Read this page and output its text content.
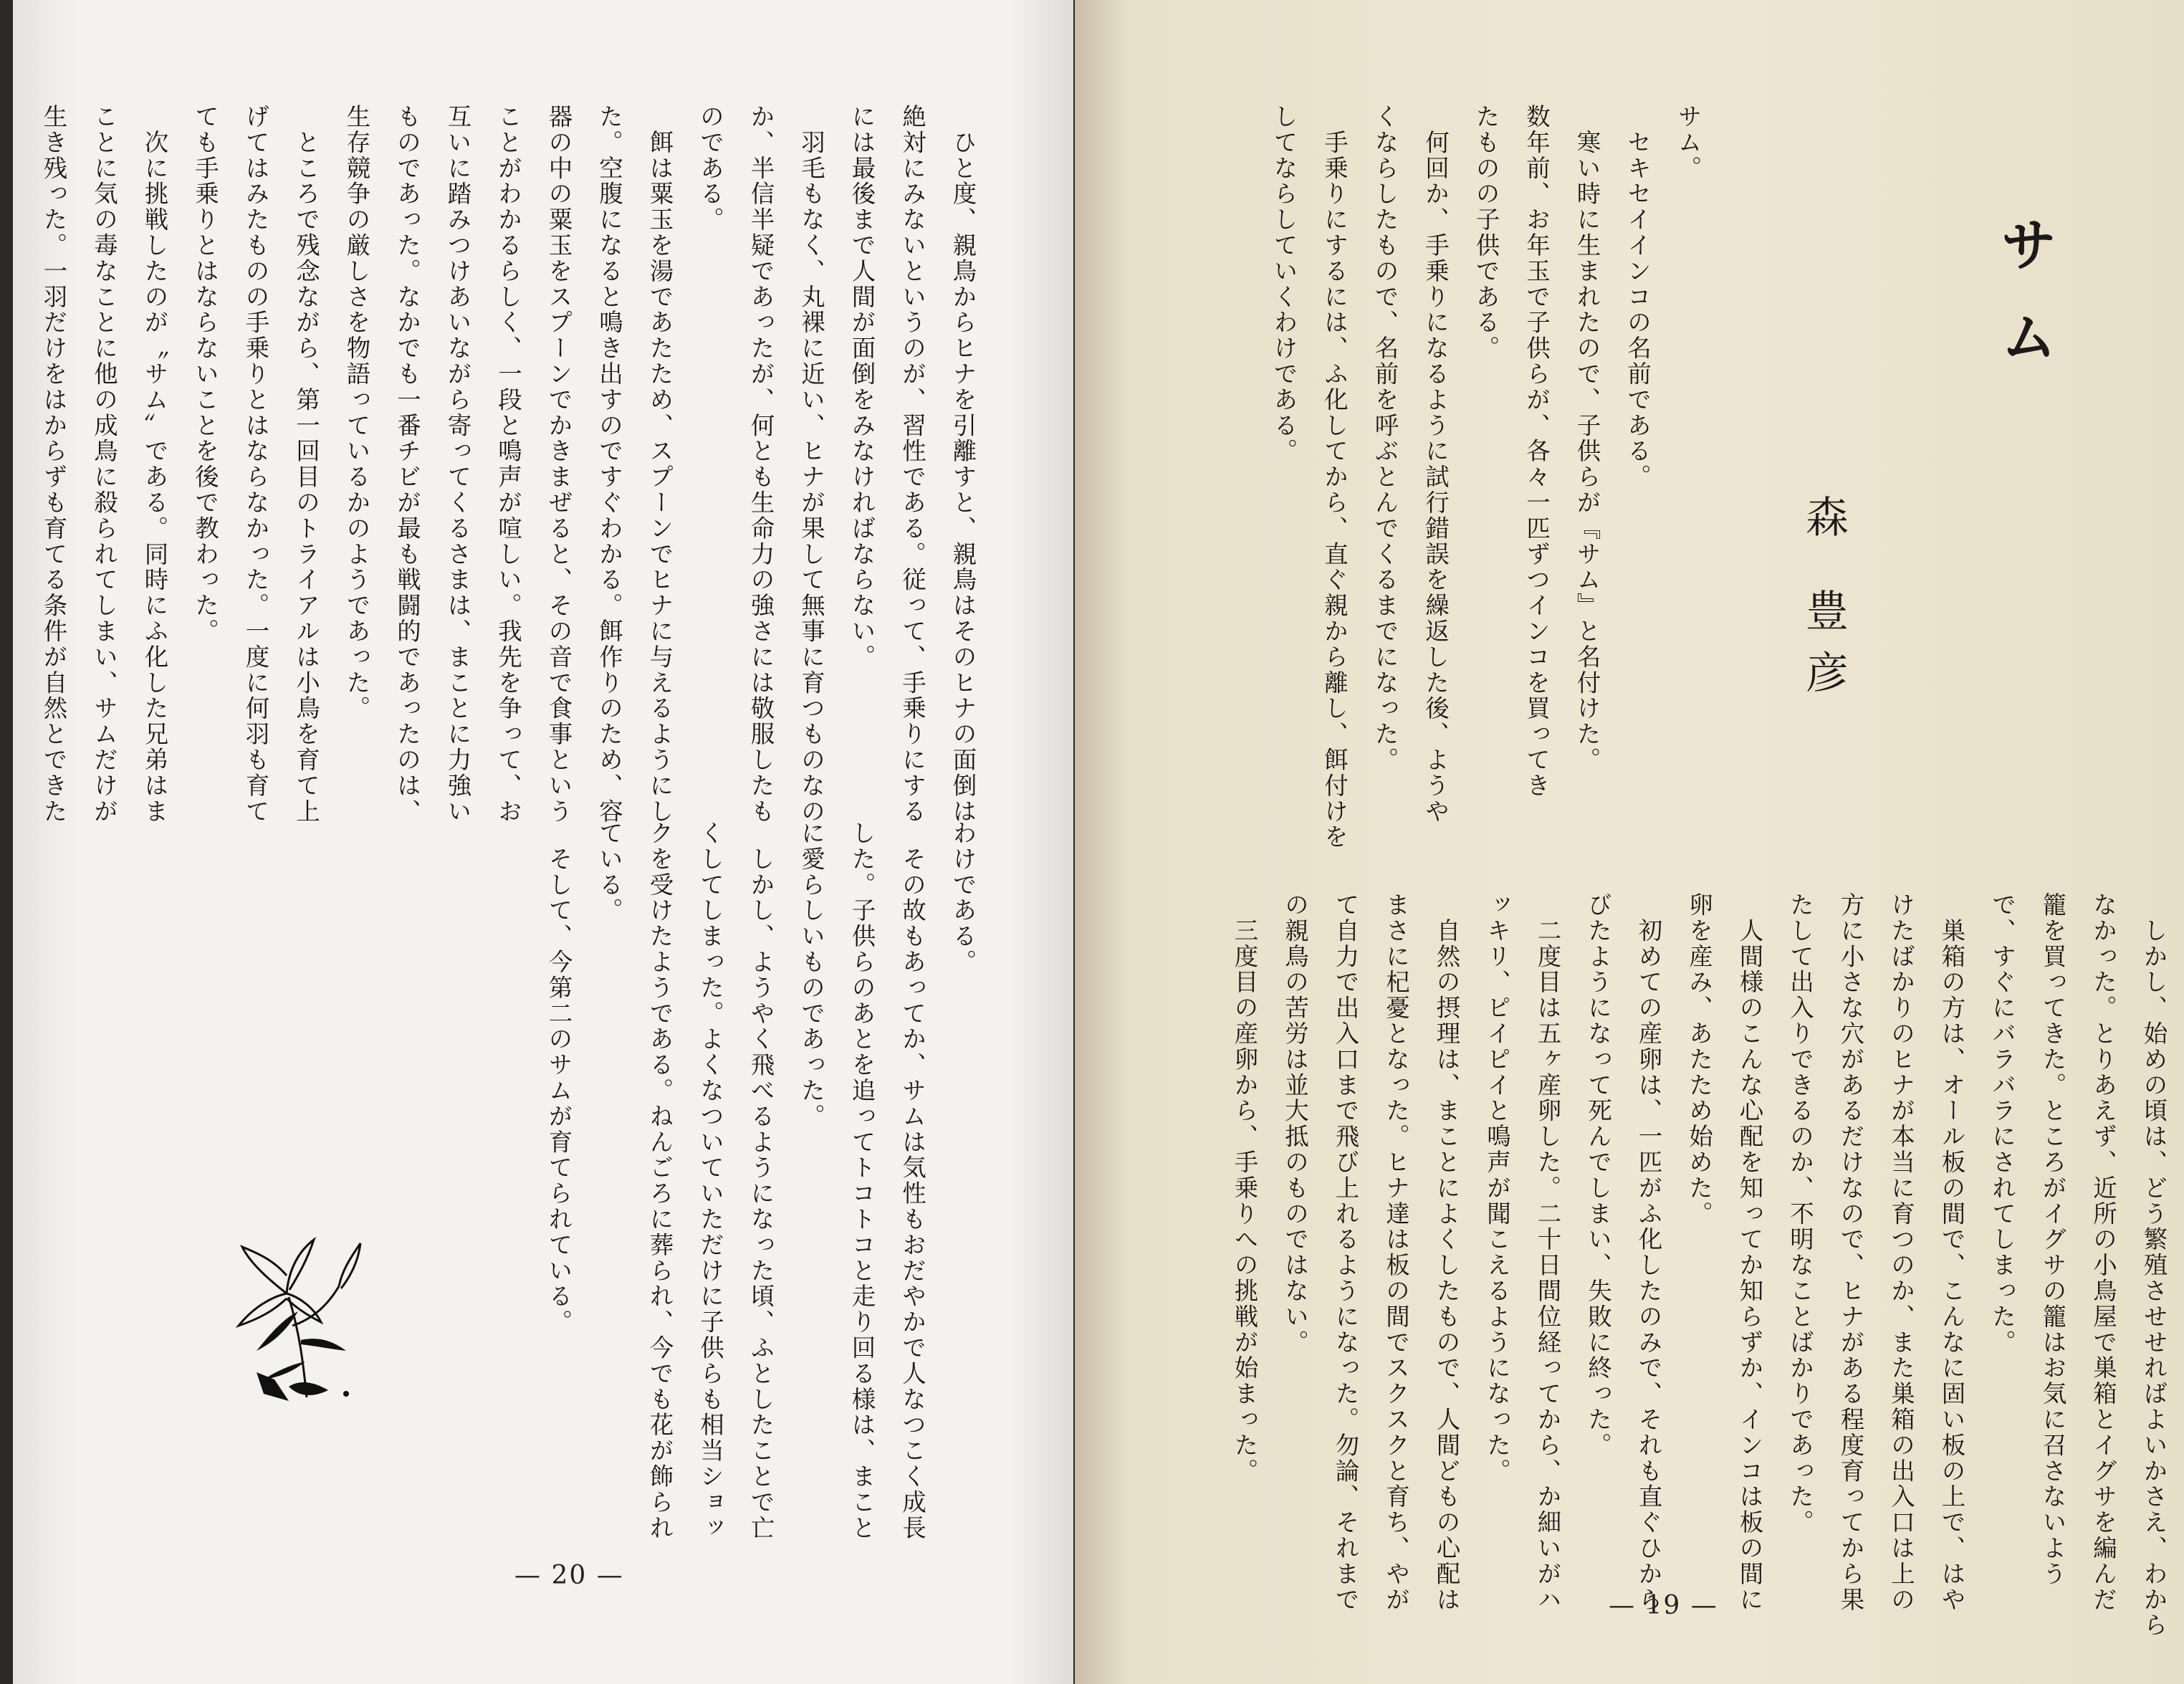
　ひと度、親鳥からヒナを引離すと、親鳥はそのヒナの面倒は

絶対にみないというのが、習性である。従って、手乗りにする

には最後まで人間が面倒をみなければならない。

　羽毛もなく、丸裸に近い、ヒナが果して無事に育つものなの

か、半信半疑であったが、何とも生命力の強さには敬服したも

のである。

　餌は粟玉を湯であたため、スプーンでヒナに与えるようにし

た。空腹になると鳴き出すのですぐわかる。餌作りのため、容

器の中の粟玉をスプーンでかきまぜると、その音で食事という

ことがわかるらしく、一段と鳴声が喧しい。我先を争って、お

互いに踏みつけあいながら寄ってくるさまは、まことに力強い

ものであった。なかでも一番チビが最も戦闘的であったのは、

生存競争の厳しさを物語っているかのようであった。

　ところで残念ながら、第一回目のトライアルは小鳥を育て上

げてはみたものの手乗りとはならなかった。一度に何羽も育て

ても手乗りとはならないことを後で教わった。

　次に挑戦したのが〝サム〟である。同時にふ化した兄弟はま

ことに気の毒なことに他の成鳥に殺られてしまい、サムだけが

生き残った。一羽だけをはからずも育てる条件が自然とできた

わけである。

　その故もあってか、サムは気性もおだやかで人なつこく成長

した。子供らのあとを追ってトコトコと走り回る様は、まこと

に愛らしいものであった。

　しかし、ようやく飛べるようになった頃、ふとしたことで亡

くしてしまった。よくなついていただけに子供らも相当ショッ

クを受けたようである。ねんごろに葬られ、今でも花が飾られ

ている。

　そして、今第二のサムが育てられている。

— 20 —
サム
森 豊彦

サム。

　セキセイインコの名前である。

　寒い時に生まれたので、子供らが『サム』と名付けた。

数年前、お年玉で子供らが、各々一匹ずつインコを買ってき

たものの子供である。

　何回か、手乗りになるように試行錯誤を繰返した後、ようや

くならしたもので、名前を呼ぶとんでくるまでになった。

　手乗りにするには、ふ化してから、直ぐ親から離し、餌付けを

してならしていくわけである。

　しかし、始めの頃は、どう繁殖させせればよいかさえ、わから

なかった。とりあえず、近所の小鳥屋で巣箱とイグサを編んだ

籠を買ってきた。ところがイグサの籠はお気に召さないよう

で、すぐにバラバラにされてしまった。

　巣箱の方は、オール板の間で、こんなに固い板の上で、はや

けたばかりのヒナが本当に育つのか、また巣箱の出入口は上の

方に小さな穴があるだけなので、ヒナがある程度育ってから果

たして出入りできるのか、不明なことばかりであった。

　人間様のこんな心配を知ってか知らずか、インコは板の間に

卵を産み、あたため始めた。

　初めての産卵は、一匹がふ化したのみで、それも直ぐひから

びたようになって死んでしまい、失敗に終った。

　二度目は五ヶ産卵した。二十日間位経ってから、か細いがハ

ッキリ、ピイピイと鳴声が聞こえるようになった。

　自然の摂理は、まことによくしたもので、人間どもの心配は

まさに杞憂となった。ヒナ達は板の間でスクスクと育ち、やが

て自力で出入口まで飛び上れるようになった。勿論、それまで

の親鳥の苦労は並大抵のものではない。

　三度目の産卵から、手乗りへの挑戦が始まった。

— 19 —
